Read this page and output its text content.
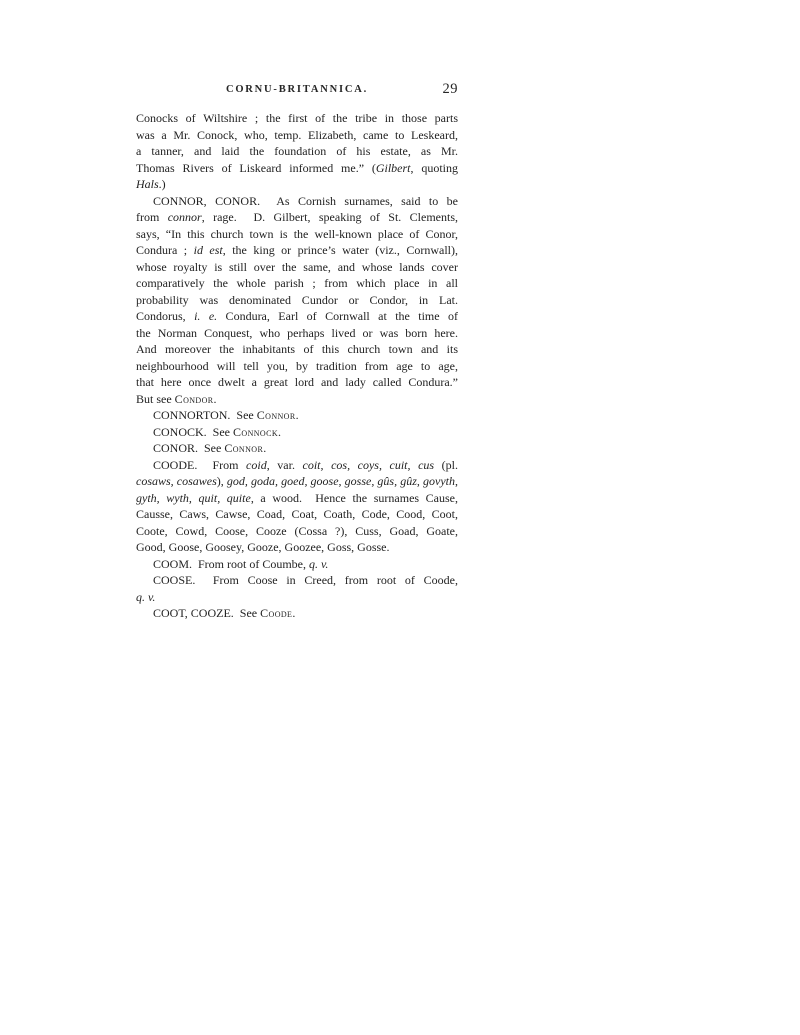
CORNU-BRITANNICA.	29
Conocks of Wiltshire ; the first of the tribe in those parts
was a Mr. Conock, who, temp. Elizabeth, came to Leskeard,
a tanner, and laid the foundation of his estate, as Mr.
Thomas Rivers of Liskeard informed me.” (Gilbert, quoting
Hals.)
CONNOR, CONOR.  As Cornish surnames, said to be
from connor, rage.  D. Gilbert, speaking of St. Clements,
says, “In this church town is the well-known place of Conor,
Condura ; id est, the king or prince’s water (viz., Cornwall),
whose royalty is still over the same, and whose lands cover
comparatively the whole parish ; from which place in all
probability was denominated Cundor or Condor, in Lat.
Condorus, i. e. Condura, Earl of Cornwall at the time of
the Norman Conquest, who perhaps lived or was born here.
And moreover the inhabitants of this church town and its
neighbourhood will tell you, by tradition from age to age,
that here once dwelt a great lord and lady called Condura.”
But see Condor.
CONNORTON. See Connor.
CONOCK. See Connock.
CONOR. See Connor.
COODE.  From coid, var. coit, cos, coys, cuit, cus (pl.
cosaws, cosawes), god, goda, goed, goose, gosse, gûs, gûz, govyth,
gyth, wyth, quit, quite, a wood.  Hence the surnames Cause,
Causse, Caws, Cawse, Coad, Coat, Coath, Code, Cood, Coot,
Coote, Cowd, Coose, Cooze (Cossa ?), Cuss, Goad, Goate,
Good, Goose, Goosey, Gooze, Goozee, Goss, Gosse.
COOM. From root of Coumbe, q. v.
COOSE.  From Coose in Creed, from root of Coode,
q. v.
COOT, COOZE. See Coode.
